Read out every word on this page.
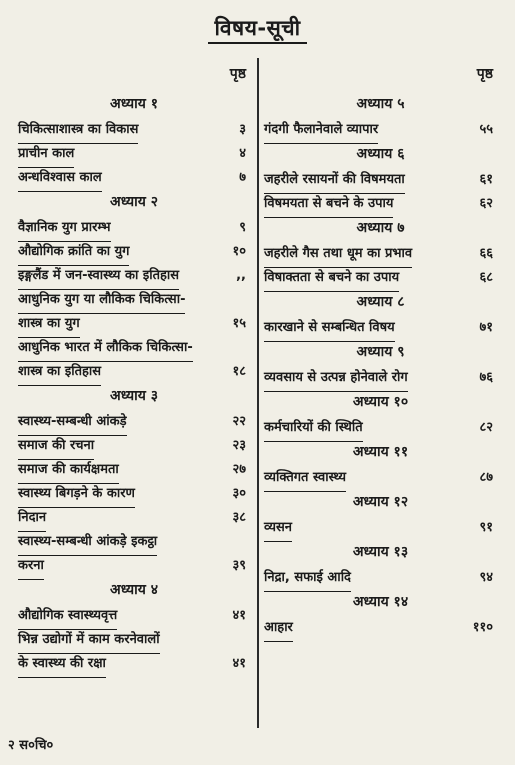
विषय-सूची
पृष्ठ
अध्याय १
चिकित्साशास्त्र का विकास	३
प्राचीन काल	४
अन्धविश्वास काल	७
अध्याय २
वैज्ञानिक युग प्रारम्भ	९
औद्योगिक क्रांति का युग	१०
इङ्गलैंड में जन-स्वास्थ्य का इतिहास	,,
आधुनिक युग या लौकिक चिकित्सा-
शास्त्र का युग	१५
आधुनिक भारत में लौकिक चिकित्सा-
शास्त्र का इतिहास	१८
अध्याय ३
स्वास्थ्य-सम्बन्धी आंकड़े	२२
समाज की रचना	२३
समाज की कार्यक्षमता	२७
स्वास्थ्य बिगड़ने के कारण	३०
निदान	३८
स्वास्थ्य-सम्बन्धी आंकड़े इकट्ठा
करना	३९
अध्याय ४
औद्योगिक स्वास्थ्यवृत्त	४१
भिन्न उद्योगों में काम करनेवालों
के स्वास्थ्य की रक्षा	४१
पृष्ठ
अध्याय ५
गंदगी फैलानेवाले व्यापार	५५
अध्याय ६
जहरीले रसायनों की विषमयता	६१
विषमयता से बचने के उपाय	६२
अध्याय ७
जहरीले गैस तथा धूम का प्रभाव	६६
विषाक्तता से बचने का उपाय	६८
अध्याय ८
कारखाने से सम्बन्धित विषय	७१
अध्याय ९
व्यवसाय से उत्पन्न होनेवाले रोग	७६
अध्याय १०
कर्मचारियों की स्थिति	८२
अध्याय ११
व्यक्तिगत स्वास्थ्य	८७
अध्याय १२
व्यसन	९१
अध्याय १३
निद्रा, सफाई आदि	९४
अध्याय १४
आहार	११०
२ स०चि०
